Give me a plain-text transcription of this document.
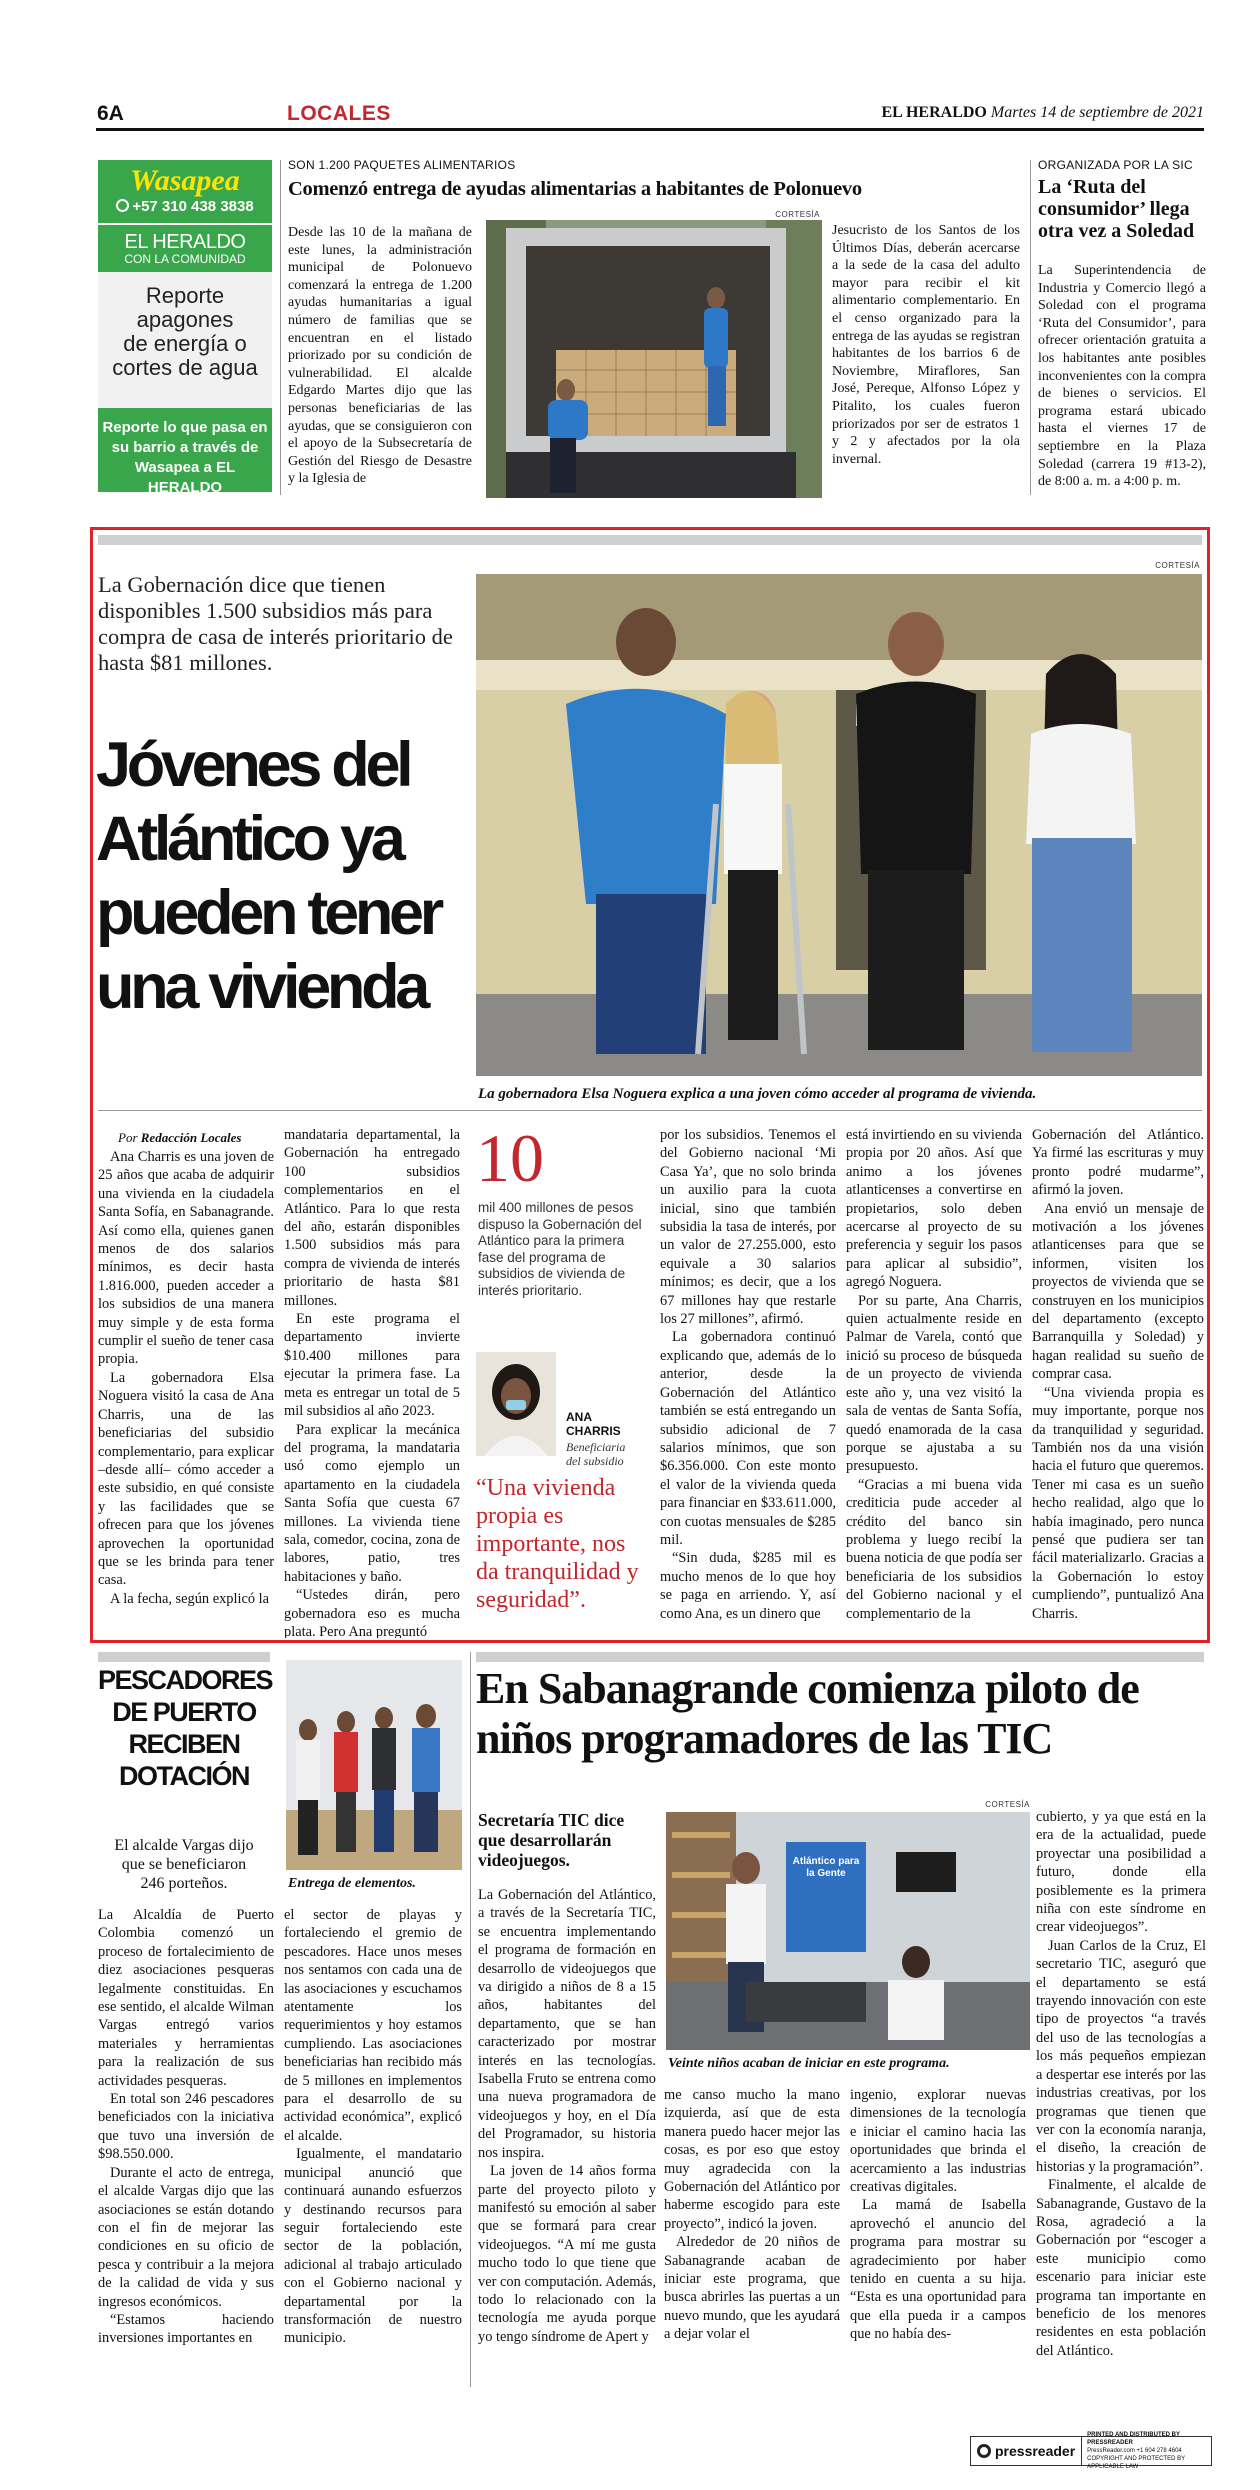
6A	LOCALES	EL HERALDO Martes 14 de septiembre de 2021
Wasapea
+57 310 438 3838
EL HERALDO
CON LA COMUNIDAD
Reporte
apagones
de energía o
cortes de agua
Reporte lo que pasa en
su barrio a través de
Wasapea a EL HERALDO
SON 1.200 PAQUETES ALIMENTARIOS
Comenzó entrega de ayudas alimentarias a habitantes de Polonuevo
CORTESÍA

Desde las 10 de la mañana de este lunes, la administración municipal de Polonuevo comenzará la entrega de 1.200 ayudas humanitarias a igual número de familias que se encuentran en el listado priorizado por su condición de vulnerabilidad. El alcalde Edgardo Martes dijo que las personas beneficiarias de las ayudas, que se consiguieron con el apoyo de la Subsecretaría de Gestión del Riesgo de Desastre y la Iglesia de

Jesucristo de los Santos de los Últimos Días, deberán acercarse a la sede de la casa del adulto mayor para recibir el kit alimentario complementario. En el censo organizado para la entrega de las ayudas se registran habitantes de los barrios 6 de Noviembre, Miraflores, San José, Pereque, Alfonso López y Pitalito, los cuales fueron priorizados por ser de estratos 1 y 2 y afectados por la ola invernal.

ORGANIZADA POR LA SIC
La ‘Ruta del consumidor’ llega otra vez a Soledad

La Superintendencia de Industria y Comercio llegó a Soledad con el programa ‘Ruta del Consumidor’, para ofrecer orientación gratuita a los habitantes ante posibles inconvenientes con la compra de bienes o servicios. El programa estará ubicado hasta el viernes 17 de septiembre en la Plaza Soledad (carrera 19 #13-2), de 8:00 a. m. a 4:00 p. m.

La Gobernación dice que tienen disponibles 1.500 subsidios más para compra de casa de interés prioritario de hasta $81 millones.
Jóvenes del
Atlántico ya
pueden tener
una vivienda
CORTESÍA
La gobernadora Elsa Noguera explica a una joven cómo acceder al programa de vivienda.
Por Redacción Locales

Ana Charris es una joven de 25 años que acaba de adquirir una vivienda en la ciudadela Santa Sofía, en Sabanagrande. Así como ella, quienes ganen menos de dos salarios mínimos, es decir hasta 1.816.000, pueden acceder a los subsidios de una manera muy simple y de esta forma cumplir el sueño de tener casa propia.

La gobernadora Elsa Noguera visitó la casa de Ana Charris, una de las beneficiarias del subsidio complementario, para explicar –desde allí– cómo acceder a este subsidio, en qué consiste y las facilidades que se ofrecen para que los jóvenes aprovechen la oportunidad que se les brinda para tener casa.

A la fecha, según explicó la

mandataria departamental, la Gobernación ha entregado 100 subsidios complementarios en el Atlántico. Para lo que resta del año, estarán disponibles 1.500 subsidios más para compra de vivienda de interés prioritario de hasta $81 millones.

En este programa el departamento invierte $10.400 millones para ejecutar la primera fase. La meta es entregar un total de 5 mil subsidios al año 2023.

Para explicar la mecánica del programa, la mandataria usó como ejemplo un apartamento en la ciudadela Santa Sofía que cuesta 67 millones. La vivienda tiene sala, comedor, cocina, zona de labores, patio, tres habitaciones y baño.

“Ustedes dirán, pero gobernadora eso es mucha plata. Pero Ana preguntó

10
mil 400 millones de pesos dispuso la Gobernación del Atlántico para la primera fase del programa de subsidios de vivienda de interés prioritario.
ANA
CHARRIS
Beneficiaria
del subsidio
“Una vivienda propia es importante, nos da tranquilidad y seguridad”.

por los subsidios. Tenemos el del Gobierno nacional ‘Mi Casa Ya’, que no solo brinda un auxilio para la cuota inicial, sino que también subsidia la tasa de interés, por un valor de 27.255.000, esto equivale a 30 salarios mínimos; es decir, que a los 67 millones hay que restarle los 27 millones”, afirmó.

La gobernadora continuó explicando que, además de lo anterior, desde la Gobernación del Atlántico también se está entregando un subsidio adicional de 7 salarios mínimos, que son $6.356.000. Con este monto el valor de la vivienda queda para financiar en $33.611.000, con cuotas mensuales de $285 mil.

“Sin duda, $285 mil es mucho menos de lo que hoy se paga en arriendo. Y, así como Ana, es un dinero que

está invirtiendo en su vivienda propia por 20 años. Así que animo a los jóvenes atlanticenses a convertirse en propietarios, solo deben acercarse al proyecto de su preferencia y seguir los pasos para aplicar al subsidio”, agregó Noguera.

Por su parte, Ana Charris, quien actualmente reside en Palmar de Varela, contó que inició su proceso de búsqueda de un proyecto de vivienda este año y, una vez visitó la sala de ventas de Santa Sofía, quedó enamorada de la casa porque se ajustaba a su presupuesto.

“Gracias a mi buena vida crediticia pude acceder al crédito del banco sin problema y luego recibí la buena noticia de que podía ser beneficiaria de los subsidios del Gobierno nacional y el complementario de la

Gobernación del Atlántico. Ya firmé las escrituras y muy pronto podré mudarme”, afirmó la joven.

Ana envió un mensaje de motivación a los jóvenes atlanticenses para que se informen, visiten los proyectos de vivienda que se construyen en los municipios del departamento (excepto Barranquilla y Soledad) y hagan realidad su sueño de comprar casa.

“Una vivienda propia es muy importante, porque nos da tranquilidad y seguridad. También nos da una visión hacia el futuro que queremos. Tener mi casa es un sueño hecho realidad, algo que lo había imaginado, pero nunca pensé que pudiera ser tan fácil materializarlo. Gracias a la Gobernación lo estoy cumpliendo”, puntualizó Ana Charris.

PESCADORES
DE PUERTO
RECIBEN
DOTACIÓN
El alcalde Vargas dijo que se beneficiaron 246 porteños.	Entrega de elementos.

La Alcaldía de Puerto Colombia comenzó un proceso de fortalecimiento de diez asociaciones pesqueras legalmente constituidas. En ese sentido, el alcalde Wilman Vargas entregó varios materiales y herramientas para la realización de sus actividades pesqueras.

En total son 246 pescadores beneficiados con la iniciativa que tuvo una inversión de $98.550.000.

Durante el acto de entrega, el alcalde Vargas dijo que las asociaciones se están dotando con el fin de mejorar las condiciones en su oficio de pesca y contribuir a la mejora de la calidad de vida y sus ingresos económicos.

“Estamos haciendo inversiones importantes en

el sector de playas y fortaleciendo el gremio de pescadores. Hace unos meses nos sentamos con cada una de las asociaciones y escuchamos atentamente los requerimientos y hoy estamos cumpliendo. Las asociaciones beneficiarias han recibido más de 5 millones en implementos para el desarrollo de su actividad económica”, explicó el alcalde.

Igualmente, el mandatario municipal anunció que continuará aunando esfuerzos y destinando recursos para seguir fortaleciendo este sector de la población, adicional al trabajo articulado con el Gobierno nacional y departamental por la transformación de nuestro municipio.

En Sabanagrande comienza piloto de niños programadores de las TIC
Secretaría TIC dice que desarrollarán videojuegos.
CORTESÍA
Atlántico para la Gente
Veinte niños acaban de iniciar en este programa.

La Gobernación del Atlántico, a través de la Secretaría TIC, se encuentra implementando el programa de formación en desarrollo de videojuegos que va dirigido a niños de 8 a 15 años, habitantes del departamento, que se han caracterizado por mostrar interés en las tecnologías. Isabella Fruto se entrena como una nueva programadora de videojuegos y hoy, en el Día del Programador, su historia nos inspira.

La joven de 14 años forma parte del proyecto piloto y manifestó su emoción al saber que se formará para crear videojuegos. “A mí me gusta mucho todo lo que tiene que ver con computación. Además, todo lo relacionado con la tecnología me ayuda porque yo tengo síndrome de Apert y

me canso mucho la mano izquierda, así que de esta manera puedo hacer mejor las cosas, es por eso que estoy muy agradecida con la Gobernación del Atlántico por haberme escogido para este proyecto”, indicó la joven.

Alrededor de 20 niños de Sabanagrande acaban de iniciar este programa, que busca abrirles las puertas a un nuevo mundo, que les ayudará a dejar volar el

ingenio, explorar nuevas dimensiones de la tecnología e iniciar el camino hacia las oportunidades que brinda el acercamiento a las industrias creativas digitales.

La mamá de Isabella aprovechó el anuncio del programa para mostrar su agradecimiento por haber tenido en cuenta a su hija. “Esta es una oportunidad para que ella pueda ir a campos que no había des-

cubierto, y ya que está en la era de la actualidad, puede proyectar una posibilidad a futuro, donde ella posiblemente es la primera niña con este síndrome en crear videojuegos”.

Juan Carlos de la Cruz, El secretario TIC, aseguró que el departamento se está trayendo innovación con este tipo de proyectos “a través del uso de las tecnologías a los más pequeños empiezan a despertar ese interés por las industrias creativas, por los programas que tienen que ver con la economía naranja, el diseño, la creación de historias y la programación”.

Finalmente, el alcalde de Sabanagrande, Gustavo de la Rosa, agradeció a la Gobernación por “escoger a este municipio como escenario para iniciar este programa tan importante en beneficio de los menores residentes en esta población del Atlántico.

pressreader
PRINTED AND DISTRIBUTED BY PRESSREADER
PressReader.com +1 604 278 4604
COPYRIGHT AND PROTECTED BY APPLICABLE LAW
